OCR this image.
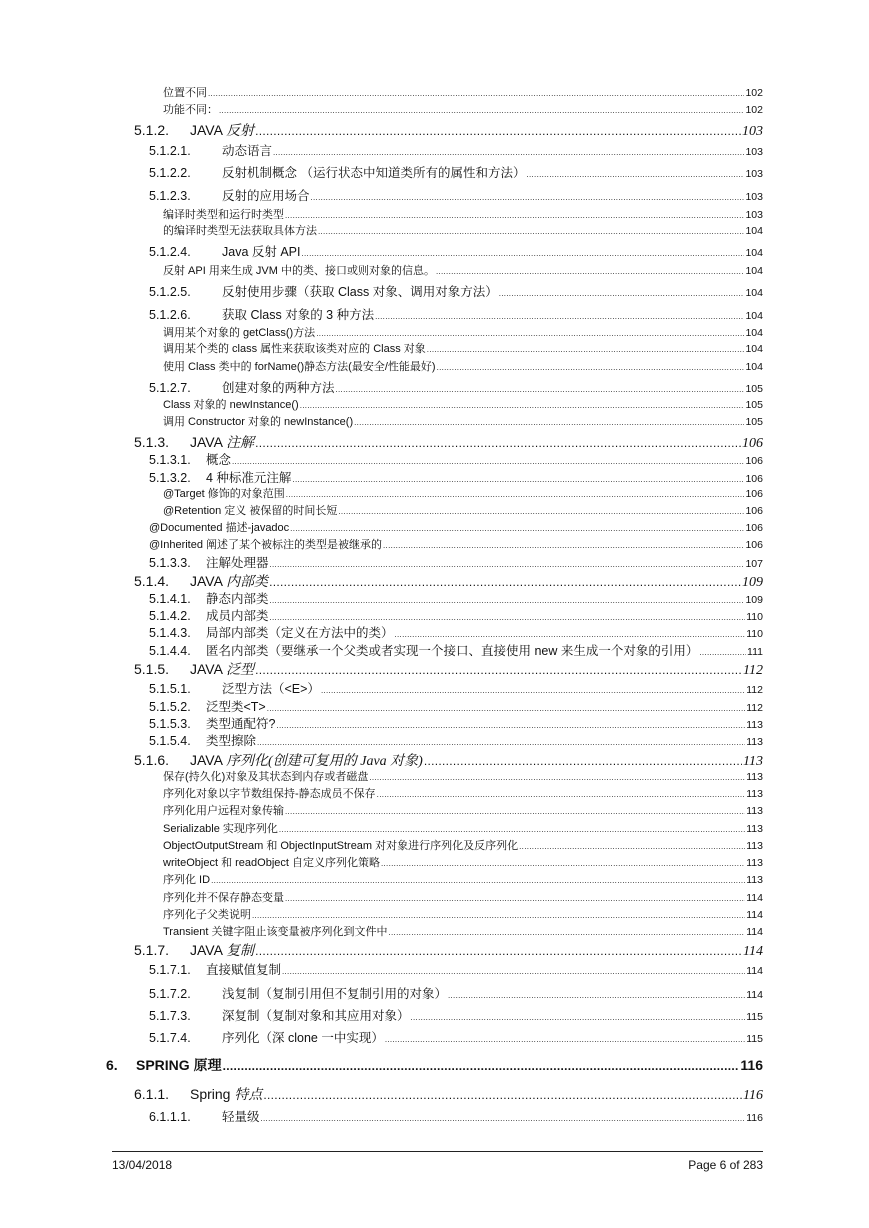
位置不同 .....	102
功能不同： .....	102
5.1.2.	JAVA 反射 .....	103
5.1.2.1.	动态语言 .....	103
5.1.2.2.	反射机制概念 （运行状态中知道类所有的属性和方法） .....	103
5.1.2.3.	反射的应用场合 .....	103
编译时类型和运行时类型 .....	103
的编译时类型无法获取具体方法 .....	104
5.1.2.4.	Java 反射 API .....	104
反射 API 用来生成 JVM 中的类、接口或则对象的信息。 .....	104
5.1.2.5.	反射使用步骤（获取 Class 对象、调用对象方法） .....	104
5.1.2.6.	获取 Class 对象的 3 种方法 .....	104
调用某个对象的 getClass()方法 .....	104
调用某个类的 class 属性来获取该类对应的 Class 对象 .....	104
使用 Class 类中的 forName()静态方法(最安全/性能最好) .....	104
5.1.2.7.	创建对象的两种方法 .....	105
Class 对象的 newInstance() .....	105
调用 Constructor 对象的 newInstance() .....	105
5.1.3.	JAVA 注解 .....	106
5.1.3.1.	概念 .....	106
5.1.3.2.	4 种标准元注解 .....	106
@Target 修饰的对象范围 .....	106
@Retention 定义 被保留的时间长短 .....	106
@Documented 描述-javadoc .....	106
@Inherited 阐述了某个被标注的类型是被继承的 .....	106
5.1.3.3.	注解处理器 .....	107
5.1.4.	JAVA 内部类 .....	109
5.1.4.1.	静态内部类 .....	109
5.1.4.2.	成员内部类 .....	110
5.1.4.3.	局部内部类（定义在方法中的类） .....	110
5.1.4.4.	匿名内部类（要继承一个父类或者实现一个接口、直接使用 new 来生成一个对象的引用） .....	111
5.1.5.	JAVA 泛型 .....	112
5.1.5.1.	泛型方法（<E>） .....	112
5.1.5.2.	泛型类<T> .....	112
5.1.5.3.	类型通配符? .....	113
5.1.5.4.	类型擦除 .....	113
5.1.6.	JAVA 序列化(创建可复用的 Java 对象) .....	113
保存(持久化)对象及其状态到内存或者磁盘 .....	113
序列化对象以字节数组保持-静态成员不保存 .....	113
序列化用户远程对象传输 .....	113
Serializable 实现序列化 .....	113
ObjectOutputStream 和 ObjectInputStream 对对象进行序列化及反序列化 .....	113
writeObject 和 readObject 自定义序列化策略 .....	113
序列化 ID .....	113
序列化并不保存静态变量 .....	114
序列化子父类说明 .....	114
Transient 关键字阻止该变量被序列化到文件中 .....	114
5.1.7.	JAVA 复制 .....	114
5.1.7.1.	直接赋值复制 .....	114
5.1.7.2.	浅复制（复制引用但不复制引用的对象） .....	114
5.1.7.3.	深复制（复制对象和其应用对象） .....	115
5.1.7.4.	序列化（深 clone 一中实现） .....	115
6.	SPRING 原理 .....	116
6.1.1.	Spring 特点 .....	116
6.1.1.1.	轻量级 .....	116
13/04/2018	Page 6 of 283
